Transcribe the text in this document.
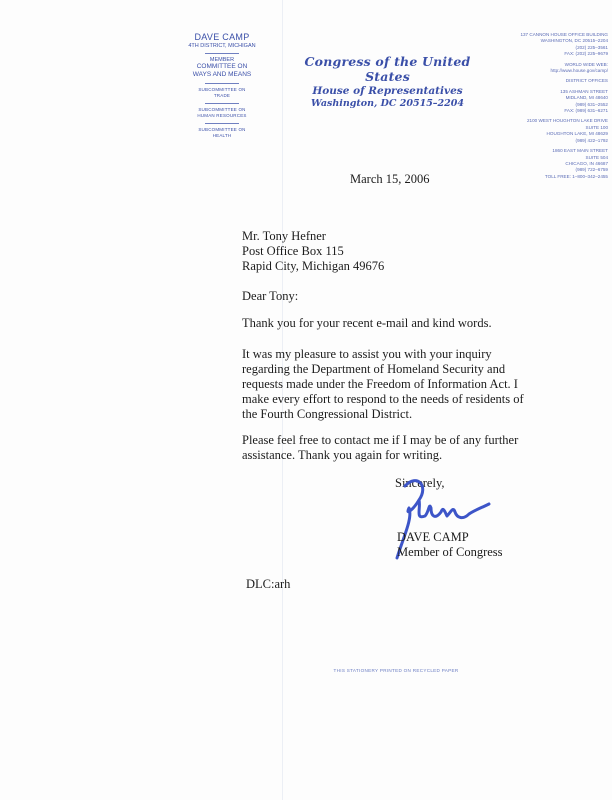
DAVE CAMP
4TH DISTRICT, MICHIGAN
MEMBER
COMMITTEE ON
WAYS AND MEANS
SUBCOMMITTEE ON
TRADE
SUBCOMMITTEE ON
HUMAN RESOURCES
SUBCOMMITTEE ON
HEALTH
Congress of the United States
House of Representatives
Washington, DC 20515–2204
137 CANNON HOUSE OFFICE BUILDING
WASHINGTON, DC 20515–2204
(202) 225–3561
FAX: (202) 225–9679
WORLD WIDE WEB:
http://www.house.gov/camp/
DISTRICT OFFICES
135 ASHMAN STREET
MIDLAND, MI 48640
(989) 631–2552
FAX: (989) 631–6271
2100 WEST HOUGHTON LAKE DRIVE
SUITE 100
HOUGHTON LAKE, MI 48629
(989) 422–1792
1860 EAST MAIN STREET
SUITE 504
CHICAGO, IN 46687
(989) 722–6759
TOLL FREE: 1–800–342–2455
March 15, 2006
Mr. Tony Hefner
Post Office Box 115
Rapid City, Michigan 49676
Dear Tony:
Thank you for your recent e-mail and kind words.
It was my pleasure to assist you with your inquiry
regarding the Department of Homeland Security and
requests made under the Freedom of Information Act. I
make every effort to respond to the needs of residents of
the Fourth Congressional District.
Please feel free to contact me if I may be of any further
assistance. Thank you again for writing.
Sincerely,
DAVE CAMP
Member of Congress
DLC:arh
THIS STATIONERY PRINTED ON RECYCLED PAPER
